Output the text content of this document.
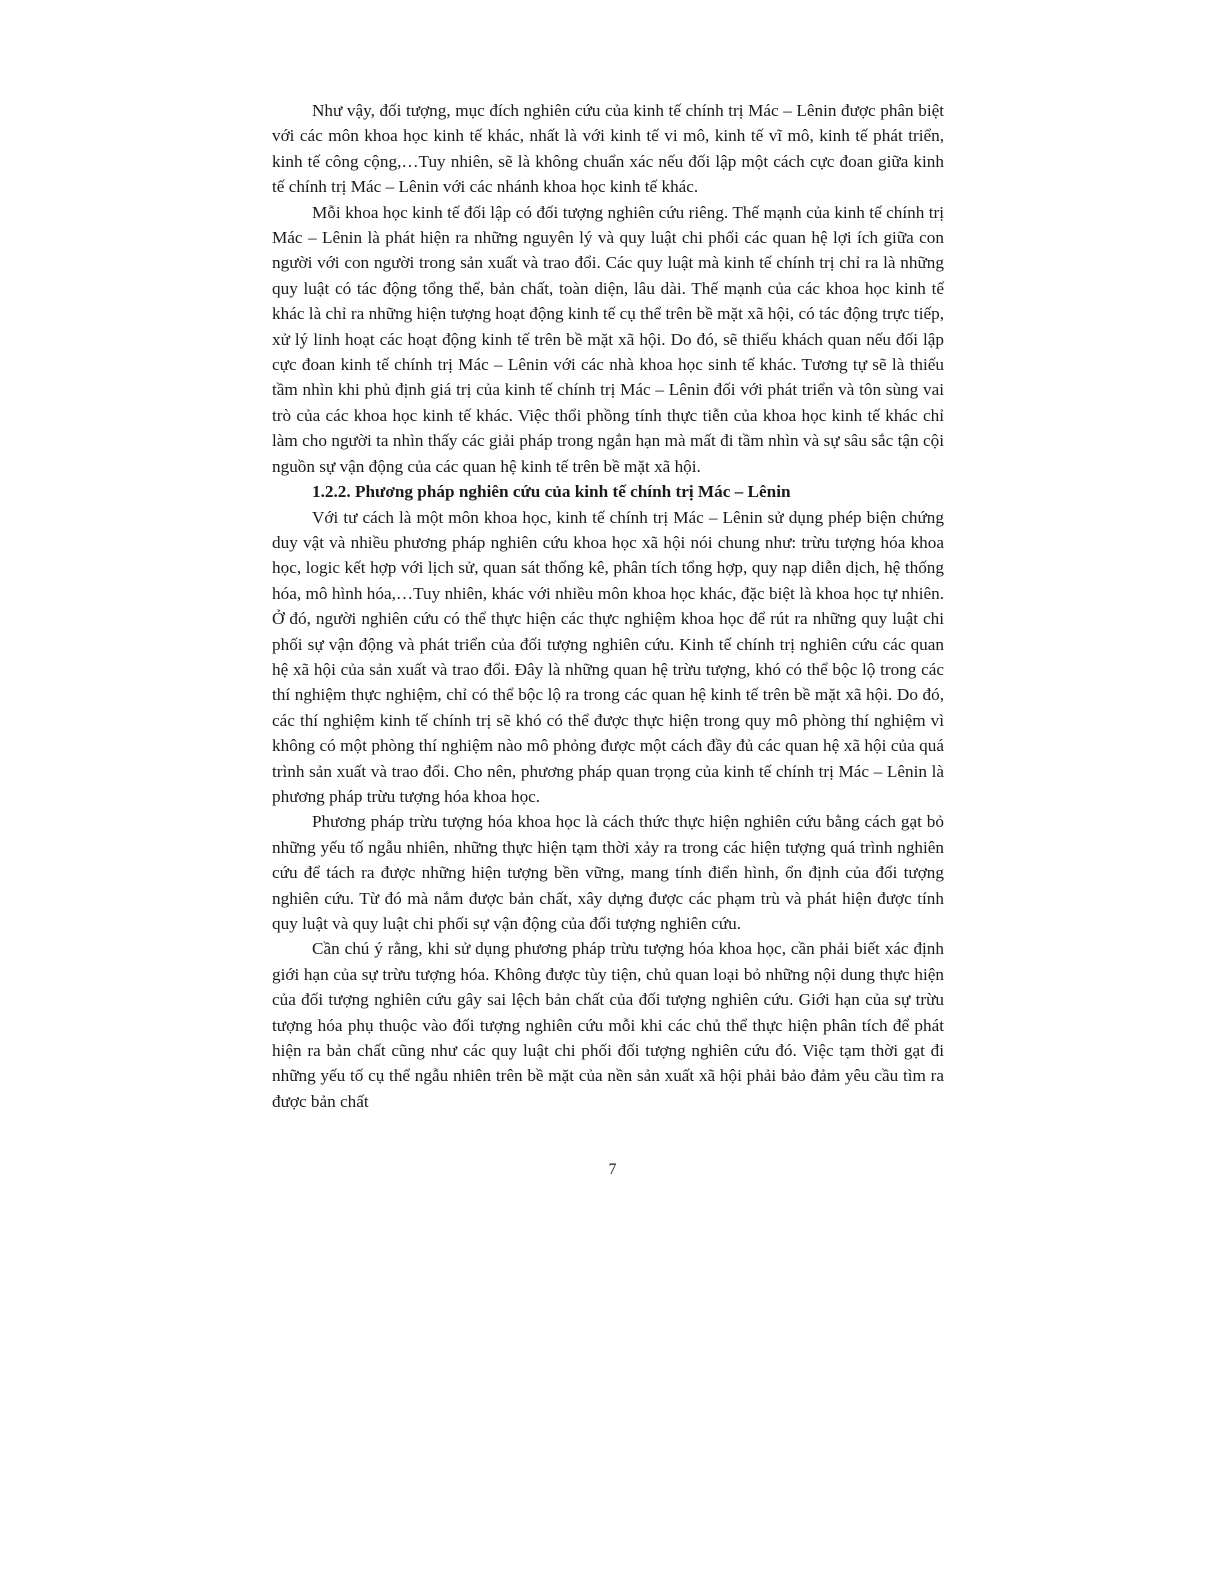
Như vậy, đối tượng, mục đích nghiên cứu của kinh tế chính trị Mác – Lênin được phân biệt với các môn khoa học kinh tế khác, nhất là với kinh tế vi mô, kinh tế vĩ mô, kinh tế phát triển, kinh tế công cộng,…Tuy nhiên, sẽ là không chuẩn xác nếu đối lập một cách cực đoan giữa kinh tế chính trị Mác – Lênin với các nhánh khoa học kinh tế khác.

Mỗi khoa học kinh tế đối lập có đối tượng nghiên cứu riêng. Thế mạnh của kinh tế chính trị Mác – Lênin là phát hiện ra những nguyên lý và quy luật chi phối các quan hệ lợi ích giữa con người với con người trong sản xuất và trao đổi. Các quy luật mà kinh tế chính trị chỉ ra là những quy luật có tác động tổng thể, bản chất, toàn diện, lâu dài. Thế mạnh của các khoa học kinh tế khác là chỉ ra những hiện tượng hoạt động kinh tế cụ thể trên bề mặt xã hội, có tác động trực tiếp, xử lý linh hoạt các hoạt động kinh tế trên bề mặt xã hội. Do đó, sẽ thiếu khách quan nếu đối lập cực đoan kinh tế chính trị Mác – Lênin với các nhà khoa học sinh tế khác. Tương tự sẽ là thiếu tầm nhìn khi phủ định giá trị của kinh tế chính trị Mác – Lênin đối với phát triển và tôn sùng vai trò của các khoa học kinh tế khác. Việc thổi phồng tính thực tiễn của khoa học kinh tế khác chỉ làm cho người ta nhìn thấy các giải pháp trong ngắn hạn mà mất đi tầm nhìn và sự sâu sắc tận cội nguồn sự vận động của các quan hệ kinh tế trên bề mặt xã hội.

1.2.2. Phương pháp nghiên cứu của kinh tế chính trị Mác – Lênin

Với tư cách là một môn khoa học, kinh tế chính trị Mác – Lênin sử dụng phép biện chứng duy vật và nhiều phương pháp nghiên cứu khoa học xã hội nói chung như: trừu tượng hóa khoa học, logic kết hợp với lịch sử, quan sát thống kê, phân tích tổng hợp, quy nạp diễn dịch, hệ thống hóa, mô hình hóa,…Tuy nhiên, khác với nhiều môn khoa học khác, đặc biệt là khoa học tự nhiên. Ở đó, người nghiên cứu có thể thực hiện các thực nghiệm khoa học để rút ra những quy luật chi phối sự vận động và phát triển của đối tượng nghiên cứu. Kinh tế chính trị nghiên cứu các quan hệ xã hội của sản xuất và trao đổi. Đây là những quan hệ trừu tượng, khó có thể bộc lộ trong các thí nghiệm thực nghiệm, chỉ có thể bộc lộ ra trong các quan hệ kinh tế trên bề mặt xã hội. Do đó, các thí nghiệm kinh tế chính trị sẽ khó có thể được thực hiện trong quy mô phòng thí nghiệm vì không có một phòng thí nghiệm nào mô phỏng được một cách đầy đủ các quan hệ xã hội của quá trình sản xuất và trao đổi. Cho nên, phương pháp quan trọng của kinh tế chính trị Mác – Lênin là phương pháp trừu tượng hóa khoa học.

Phương pháp trừu tượng hóa khoa học là cách thức thực hiện nghiên cứu bằng cách gạt bỏ những yếu tố ngẫu nhiên, những thực hiện tạm thời xảy ra trong các hiện tượng quá trình nghiên cứu để tách ra được những hiện tượng bền vững, mang tính điển hình, ổn định của đối tượng nghiên cứu. Từ đó mà nắm được bản chất, xây dựng được các phạm trù và phát hiện được tính quy luật và quy luật chi phối sự vận động của đối tượng nghiên cứu.

Cần chú ý rằng, khi sử dụng phương pháp trừu tượng hóa khoa học, cần phải biết xác định giới hạn của sự trừu tượng hóa. Không được tùy tiện, chủ quan loại bỏ những nội dung thực hiện của đối tượng nghiên cứu gây sai lệch bản chất của đối tượng nghiên cứu. Giới hạn của sự trừu tượng hóa phụ thuộc vào đối tượng nghiên cứu mỗi khi các chủ thể thực hiện phân tích để phát hiện ra bản chất cũng như các quy luật chi phối đối tượng nghiên cứu đó. Việc tạm thời gạt đi những yếu tố cụ thể ngẫu nhiên trên bề mặt của nền sản xuất xã hội phải bảo đảm yêu cầu tìm ra được bản chất

7
